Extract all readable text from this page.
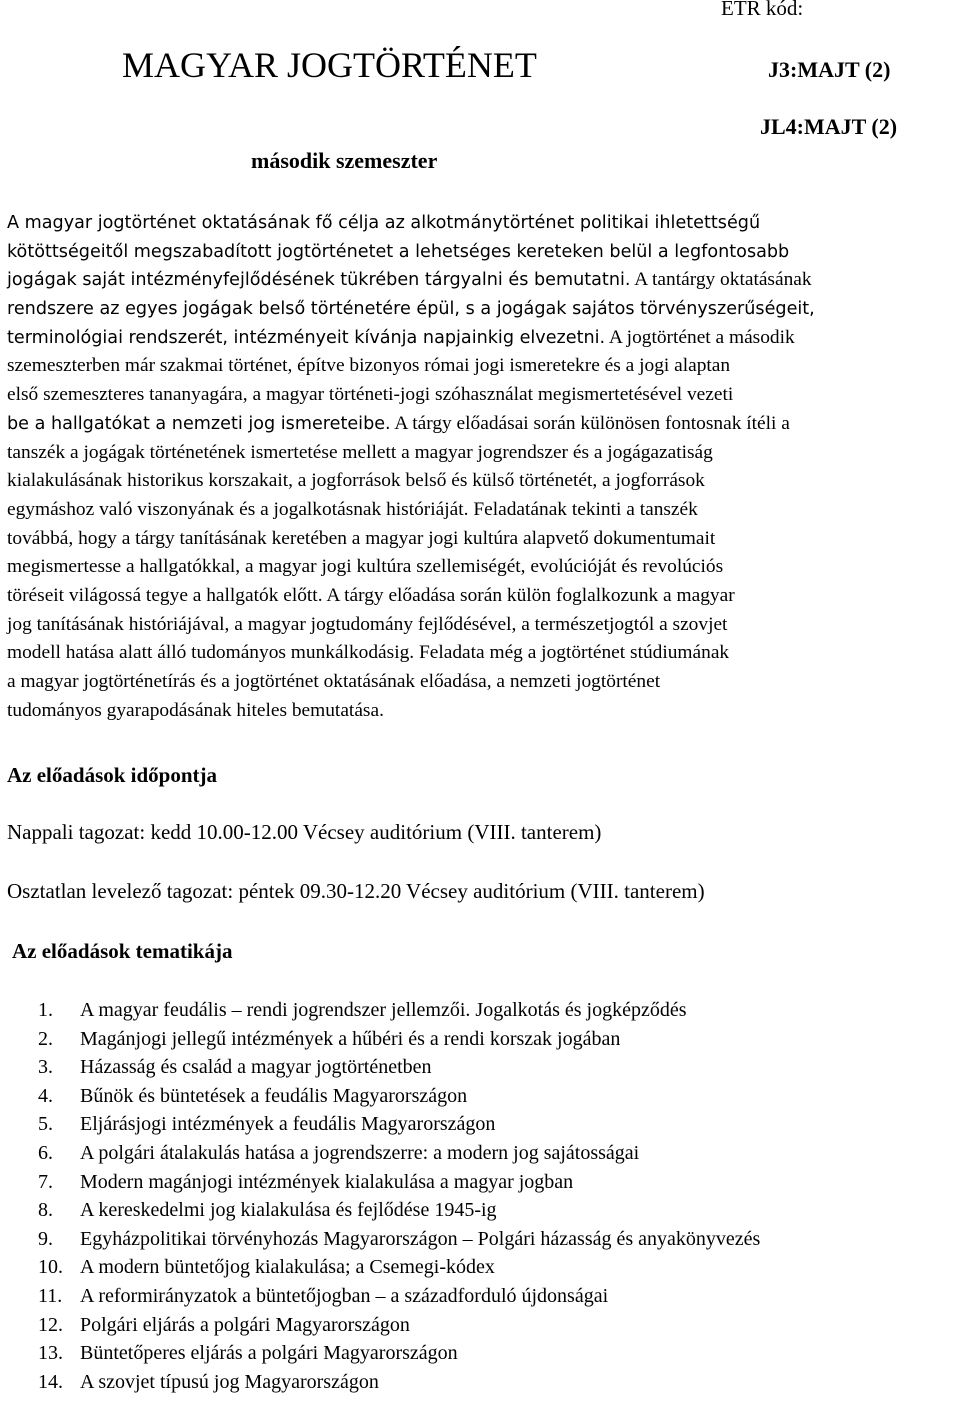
ETR kód:
MAGYAR JOGTÖRTÉNET	J3:MAJT (2)
JL4:MAJT (2)
második szemeszter
A magyar jogtörténet oktatásának fő célja az alkotmánytörténet politikai ihletettségű
kötöttségeitől megszabadított jogtörténetet a lehetséges kereteken belül a legfontosabb
jogágak saját intézményfejlődésének tükrében tárgyalni és bemutatni. A tantárgy oktatásának
rendszere az egyes jogágak belső történetére épül, s a jogágak sajátos törvényszerűségeit,
terminológiai rendszerét, intézményeit kívánja napjainkig elvezetni. A jogtörténet a második
szemeszterben már szakmai történet, építve bizonyos római jogi ismeretekre és a jogi alaptan
első szemeszteres tananyagára, a magyar történeti-jogi szóhasználat megismertetésével vezeti
be a hallgatókat a nemzeti jog ismereteibe. A tárgy előadásai során különösen fontosnak ítéli a
tanszék a jogágak történetének ismertetése mellett a magyar jogrendszer és a jogágazatiság
kialakulásának historikus korszakait, a jogforrások belső és külső történetét, a jogforrások
egymáshoz való viszonyának és a jogalkotásnak históriáját. Feladatának tekinti a tanszék
továbbá, hogy a tárgy tanításának keretében a magyar jogi kultúra alapvető dokumentumait
megismertesse a hallgatókkal, a magyar jogi kultúra szellemiségét, evolúcióját és revolúciós
töréseit világossá tegye a hallgatók előtt. A tárgy előadása során külön foglalkozunk a magyar
jog tanításának históriájával, a magyar jogtudomány fejlődésével, a természetjogtól a szovjet
modell hatása alatt álló tudományos munkálkodásig. Feladata még a jogtörténet stúdiumának
a magyar jogtörténetírás és a jogtörténet oktatásának előadása, a nemzeti jogtörténet
tudományos gyarapodásának hiteles bemutatása.
Az előadások időpontja
Nappali tagozat: kedd 10.00-12.00 Vécsey auditórium (VIII. tanterem)
Osztatlan levelező tagozat: péntek 09.30-12.20 Vécsey auditórium (VIII. tanterem)
Az előadások tematikája
1. A magyar feudális – rendi jogrendszer jellemzői. Jogalkotás és jogképződés
2. Magánjogi jellegű intézmények a hűbéri és a rendi korszak jogában
3. Házasság és család a magyar jogtörténetben
4. Bűnök és büntetések a feudális Magyarországon
5. Eljárásjogi intézmények a feudális Magyarországon
6. A polgári átalakulás hatása a jogrendszerre: a modern jog sajátosságai
7. Modern magánjogi intézmények kialakulása a magyar jogban
8. A kereskedelmi jog kialakulása és fejlődése 1945-ig
9. Egyházpolitikai törvényhozás Magyarországon – Polgári házasság és anyakönyvezés
10. A modern büntetőjog kialakulása; a Csemegi-kódex
11. A reformirányzatok a büntetőjogban – a századforduló újdonságai
12. Polgári eljárás a polgári Magyarországon
13. Büntetőperes eljárás a polgári Magyarországon
14. A szovjet típusú jog Magyarországon
